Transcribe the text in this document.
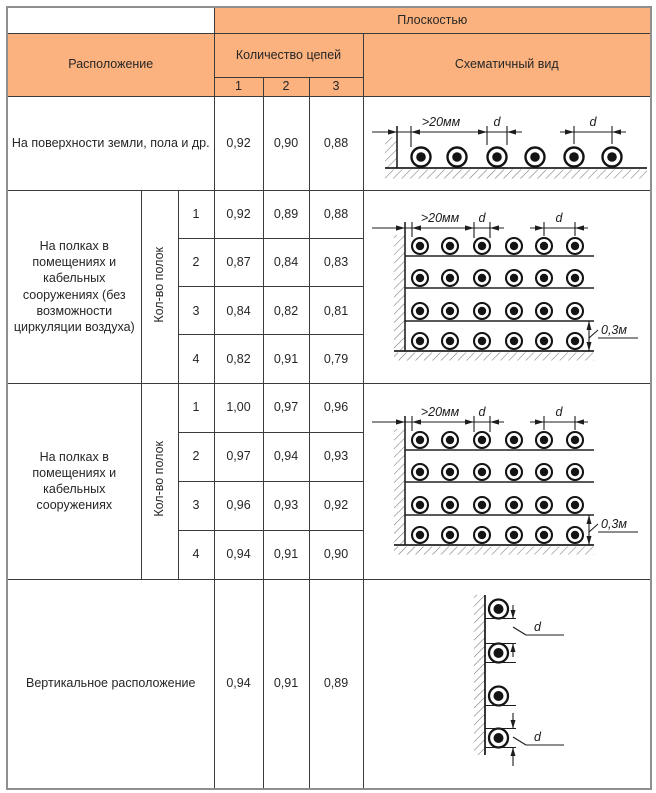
			Плоскостью			
Расположение			Количество цепей			Схематичный вид
			1	2	3	
На поверхности земли, пола и др.			0,92	0,90	0,88	>20мм d d

На полках в помещениях и кабельных сооружениях (без возможности циркуляции воздуха)	Кол-во полок	1	0,92	0,89	0,88	>20мм d d
0,3м

		2	0,87	0,84	0,83	
		3	0,84	0,82	0,81	
		4	0,82	0,91	0,79	
На полках в помещениях и кабельных сооружениях	Кол-во полок	1	1,00	0,97	0,96	>20мм d d
0,3м

		2	0,97	0,94	0,93	
		3	0,96	0,93	0,92	
		4	0,94	0,91	0,90	
Вертикальное расположение			0,94	0,91	0,89	d
d
